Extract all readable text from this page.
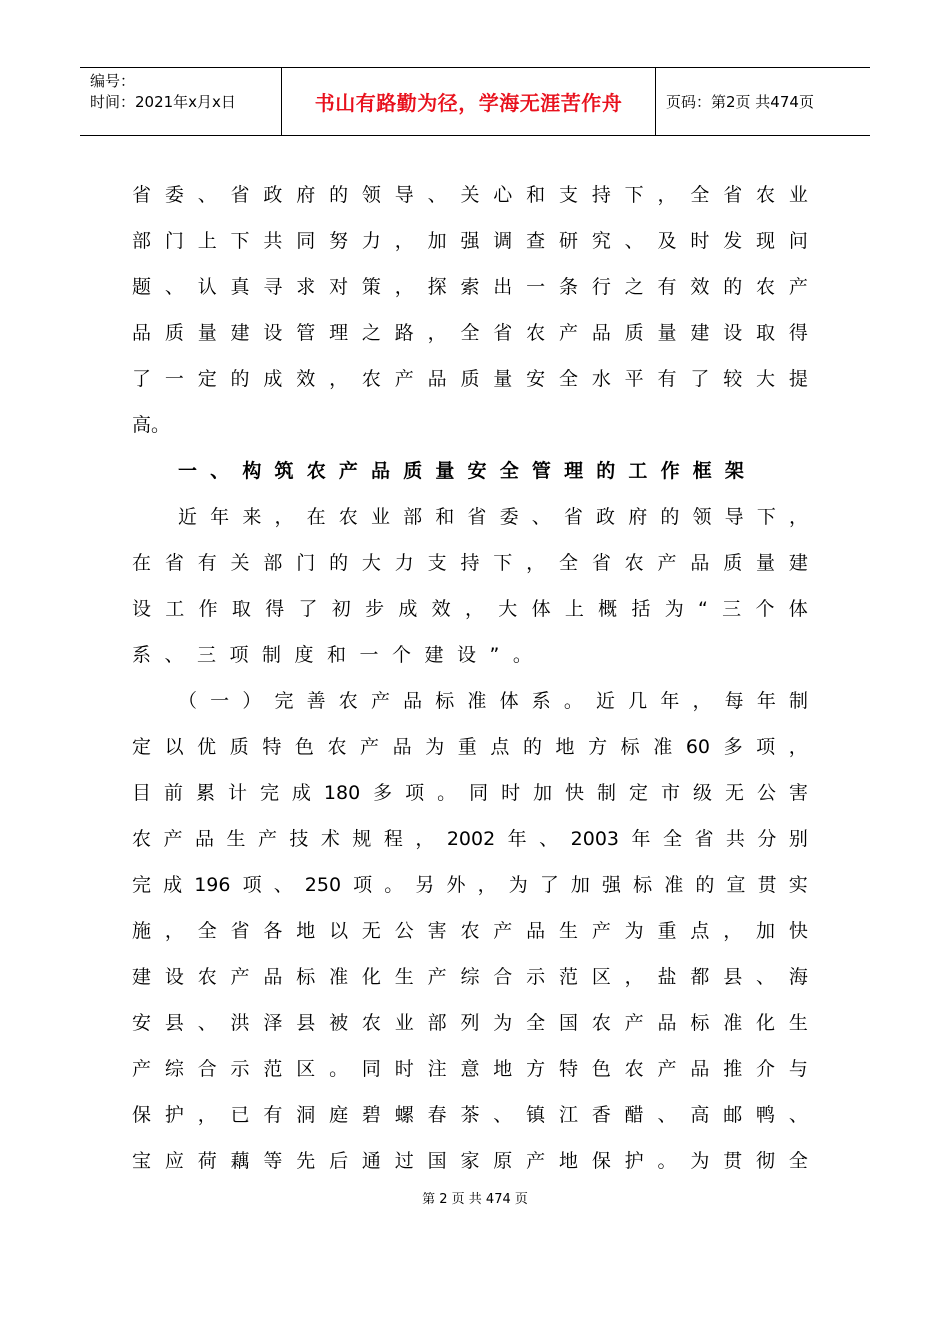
编号：
时间：2021年x月x日	书山有路勤为径，学海无涯苦作舟	页码：第2页 共474页
省 委 、 省 政 府 的 领 导 、 关 心 和 支 持 下 ， 全 省 农 业
部 门 上 下 共 同 努 力 ， 加 强 调 查 研 究 、 及 时 发 现 问
题 、 认 真 寻 求 对 策 ， 探 索 出 一 条 行 之 有 效 的 农 产
品 质 量 建 设 管 理 之 路 ， 全 省 农 产 品 质 量 建 设 取 得
了 一 定 的 成 效 ， 农 产 品 质 量 安 全 水 平 有 了 较 大 提
高。
一 、 构 筑 农 产 品 质 量 安 全 管 理 的 工 作 框 架
近 年 来 ， 在 农 业 部 和 省 委 、 省 政 府 的 领 导 下 ，
在 省 有 关 部 门 的 大 力 支 持 下 ， 全 省 农 产 品 质 量 建
设 工 作 取 得 了 初 步 成 效 ， 大 体 上 概 括 为 “ 三 个 体
系 、 三 项 制 度 和 一 个 建 设 ” 。
（ 一 ） 完 善 农 产 品 标 准 体 系 。 近 几 年 ， 每 年 制
定 以 优 质 特 色 农 产 品 为 重 点 的 地 方 标 准 60 多 项 ，
目 前 累 计 完 成 180 多 项 。 同 时 加 快 制 定 市 级 无 公 害
农 产 品 生 产 技 术 规 程 ， 2002 年 、 2003 年 全 省 共 分 别
完 成 196 项 、 250 项 。 另 外 ， 为 了 加 强 标 准 的 宣 贯 实
施 ， 全 省 各 地 以 无 公 害 农 产 品 生 产 为 重 点 ， 加 快
建 设 农 产 品 标 准 化 生 产 综 合 示 范 区 ， 盐 都 县 、 海
安 县 、 洪 泽 县 被 农 业 部 列 为 全 国 农 产 品 标 准 化 生
产 综 合 示 范 区 。 同 时 注 意 地 方 特 色 农 产 品 推 介 与
保 护 ， 已 有 洞 庭 碧 螺 春 茶 、 镇 江 香 醋 、 高 邮 鸭 、
宝 应 荷 藕 等 先 后 通 过 国 家 原 产 地 保 护 。 为 贯 彻 全
第 2 页 共 474 页
